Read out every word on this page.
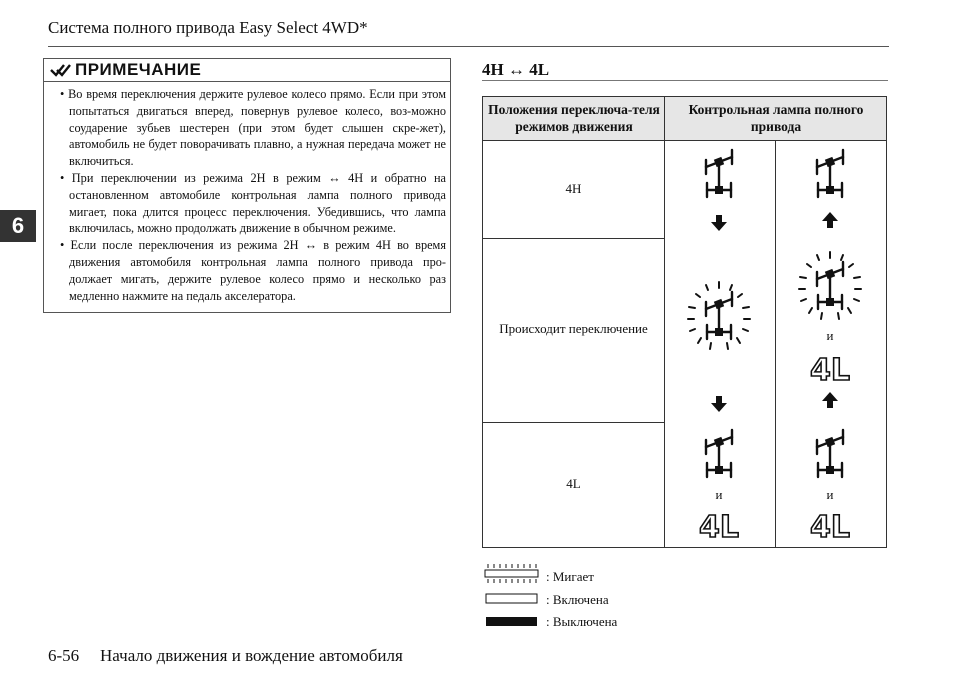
Система полного привода Easy Select 4WD*
6
ПРИМЕЧАНИЕ

• Во время переключения держите рулевое колесо прямо. Если при этом попытаться двигаться вперед, повернув рулевое колесо, воз-можно соударение зубьев шестерен (при этом будет слышен скре-жет), автомобиль не будет поворачивать плавно, а нужная передача может не включиться.

• При переключении из режима 2H в режим ↔ 4H и обратно на остановленном автомобиле контрольная лампа полного привода мигает, пока длится процесс переключения. Убедившись, что лампа включилась, можно продолжать движение в обычном режиме.

• Если после переключения из режима 2H ↔ в режим 4H во время движения автомобиля контрольная лампа полного привода про-должает мигать, держите рулевое колесо прямо и несколько раз медленно нажмите на педаль акселератора.

4H ↔ 4L
Положения переключа-теля режимов движения
Контрольная лампа полного привода
4H
Происходит переключение
4L
и
4L
и
4L
и
4L
: Мигает
: Включена
: Выключена
6-56 Начало движения и вождение автомобиля
